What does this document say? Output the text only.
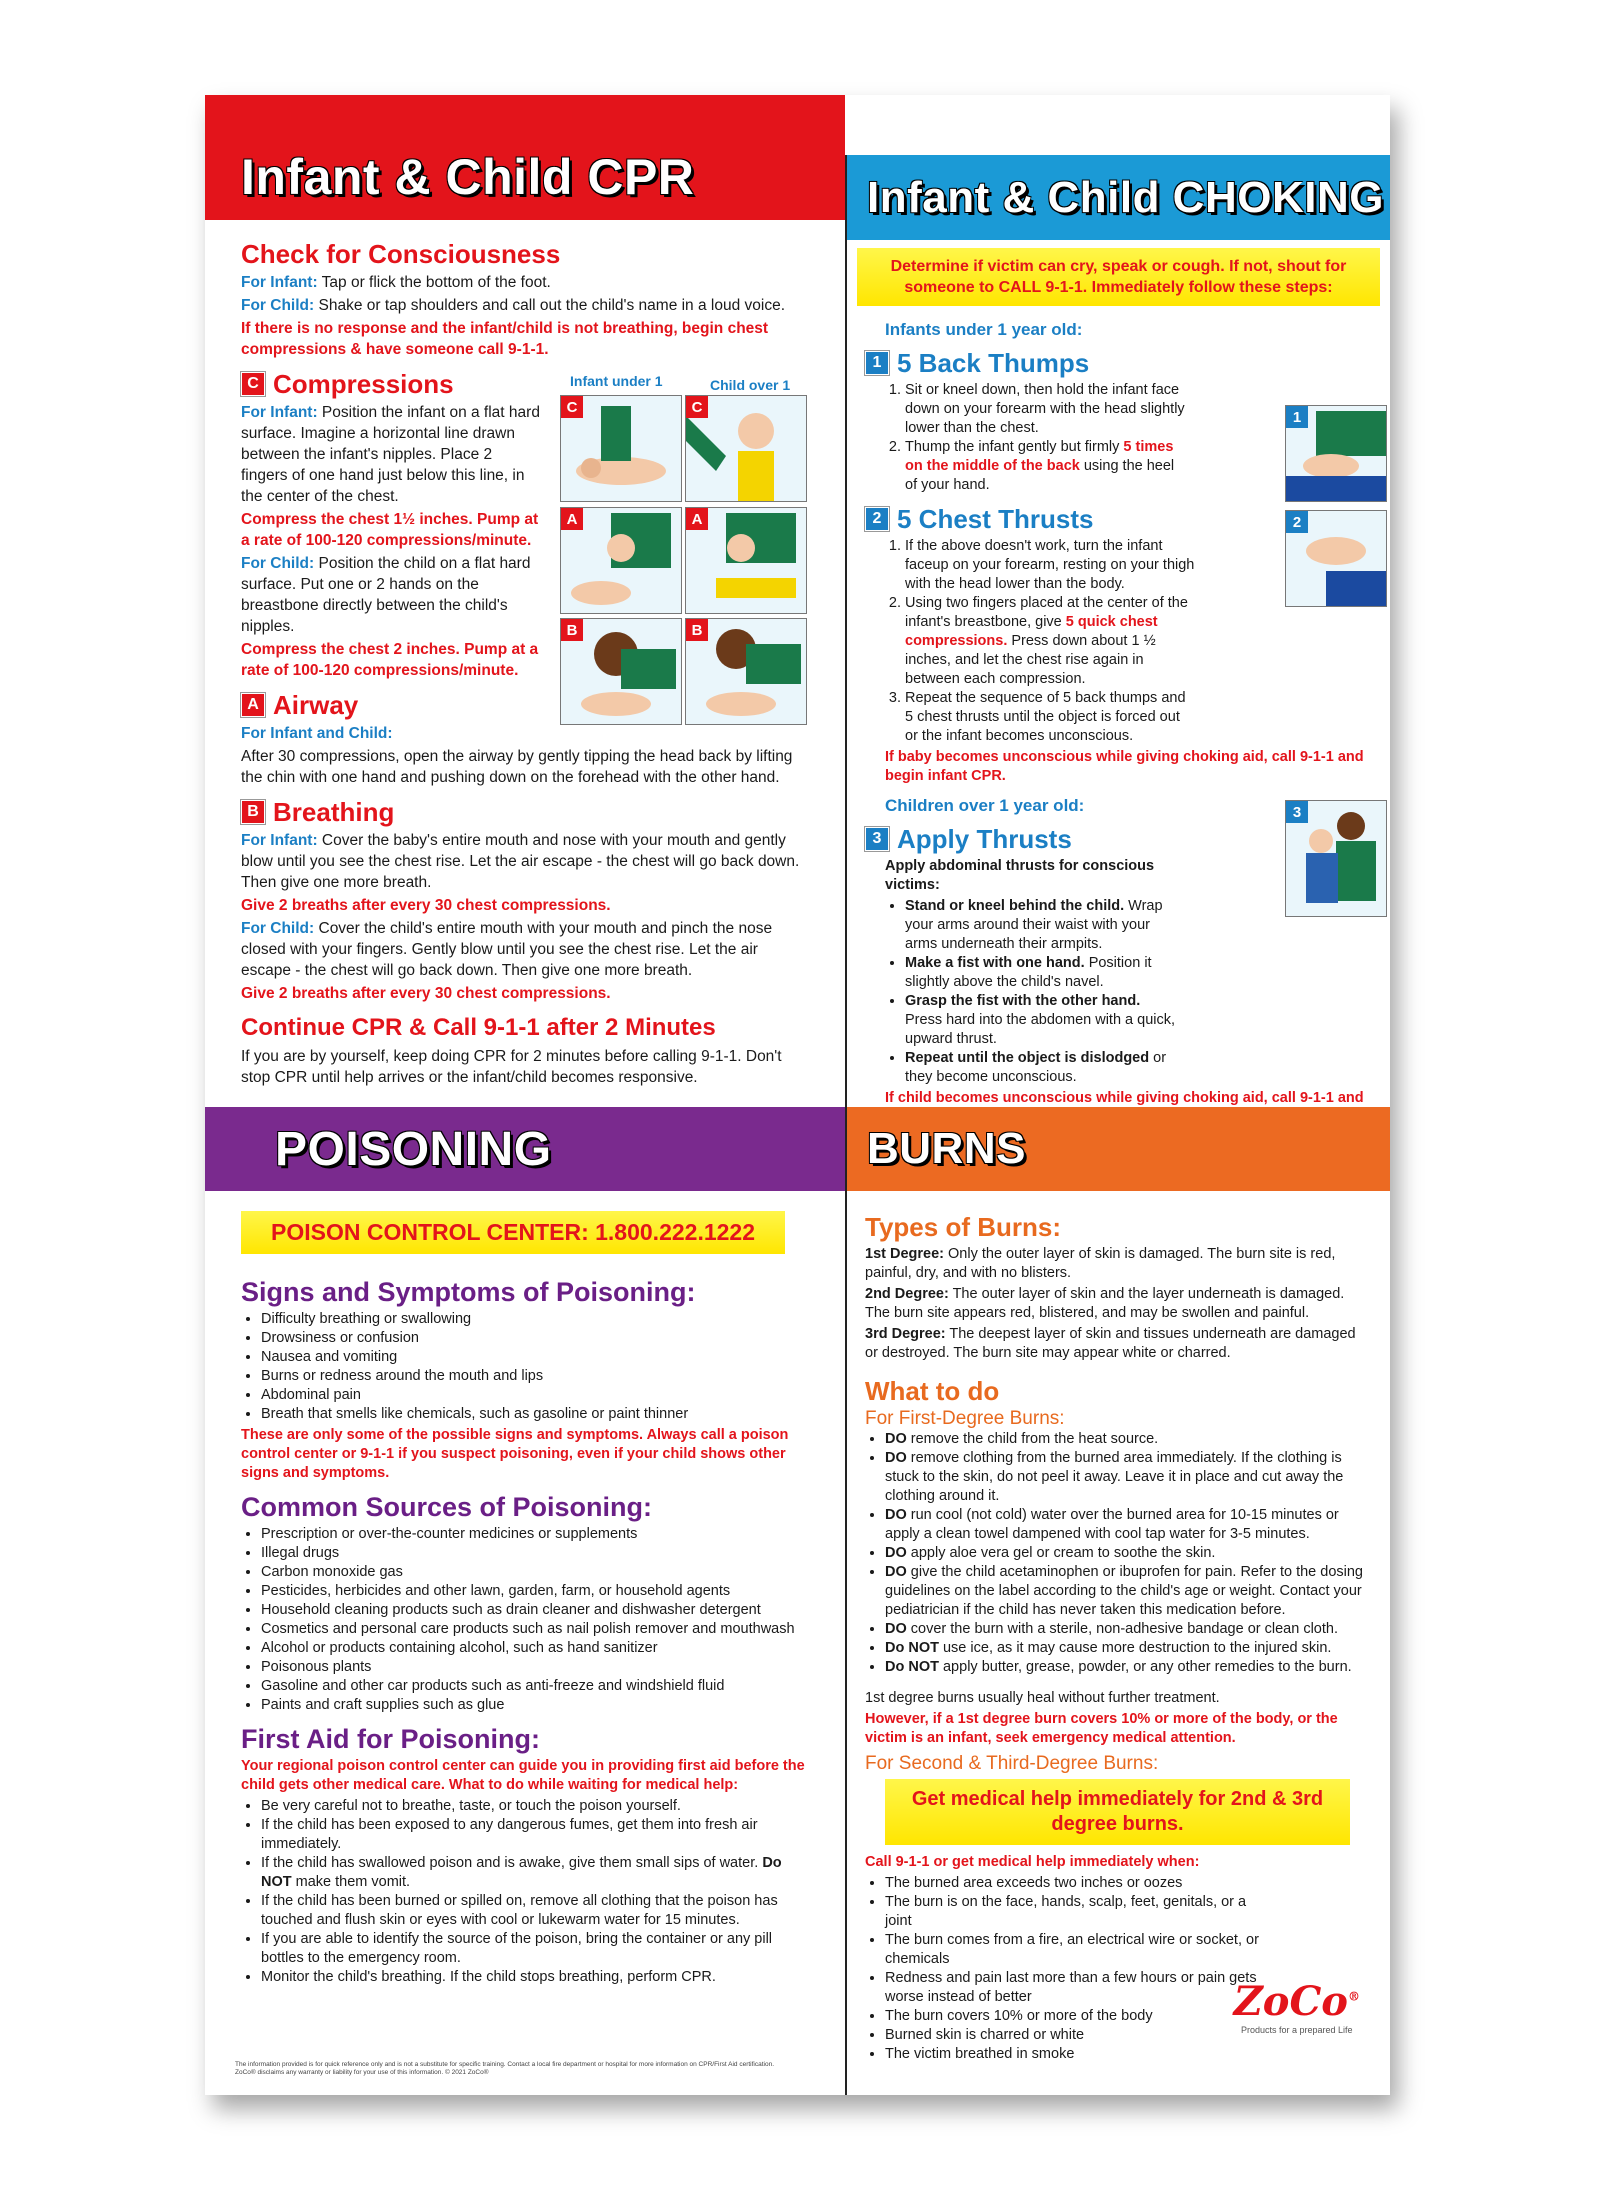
Infant & Child CPR
Check for Consciousness

For Infant: Tap or flick the bottom of the foot.

For Child: Shake or tap shoulders and call out the child's name in a loud voice.

If there is no response and the infant/child is not breathing, begin chest compressions & have someone call 9-1-1.

C Compressions

For Infant: Position the infant on a flat hard surface. Imagine a horizontal line drawn between the infant's nipples. Place 2 fingers of one hand just below this line, in the center of the chest.

Compress the chest 1½ inches. Pump at a rate of 100-120 compressions/minute.

For Child: Position the child on a flat hard surface. Put one or 2 hands on the breastbone directly between the child's nipples.

Compress the chest 2 inches. Pump at a rate of 100-120 compressions/minute.

A Airway

For Infant and Child:

After 30 compressions, open the airway by gently tipping the head back by lifting the chin with one hand and pushing down on the forehead with the other hand.

B Breathing

For Infant: Cover the baby's entire mouth and nose with your mouth and gently blow until you see the chest rise. Let the air escape - the chest will go back down. Then give one more breath.

Give 2 breaths after every 30 chest compressions.

For Child: Cover the child's entire mouth with your mouth and pinch the nose closed with your fingers. Gently blow until you see the chest rise. Let the air escape - the chest will go back down. Then give one more breath.

Give 2 breaths after every 30 chest compressions.

Continue CPR & Call 9-1-1 after 2 Minutes

If you are by yourself, keep doing CPR for 2 minutes before calling 9-1-1. Don't stop CPR until help arrives or the infant/child becomes responsive.

Infant under 1	Child over 1
C	C
A	A
B	B
Infant & Child CHOKING
Determine if victim can cry, speak or cough. If not, shout for someone to CALL 9-1-1. Immediately follow these steps:

Infants under 1 year old:

1 5 Back Thumps
1. Sit or kneel down, then hold the infant face down on your forearm with the head slightly lower than the chest.
2. Thump the infant gently but firmly 5 times on the middle of the back using the heel of your hand.
2 5 Chest Thrusts
1. If the above doesn't work, turn the infant faceup on your forearm, resting on your thigh with the head lower than the body.
2. Using two fingers placed at the center of the infant's breastbone, give 5 quick chest compressions. Press down about 1 ½ inches, and let the chest rise again in between each compression.
3. Repeat the sequence of 5 back thumps and 5 chest thrusts until the object is forced out or the infant becomes unconscious.

If baby becomes unconscious while giving choking aid, call 9-1-1 and begin infant CPR.

Children over 1 year old:

3 Apply Thrusts

Apply abdominal thrusts for conscious victims:

• Stand or kneel behind the child. Wrap your arms around their waist with your arms underneath their armpits.
• Make a fist with one hand. Position it slightly above the child's navel.
• Grasp the fist with the other hand. Press hard into the abdomen with a quick, upward thrust.
• Repeat until the object is dislodged or they become unconscious.

If child becomes unconscious while giving choking aid, call 9-1-1 and

1
2
3
POISONING
POISON CONTROL CENTER: 1.800.222.1222
Signs and Symptoms of Poisoning:
• Difficulty breathing or swallowing
• Drowsiness or confusion
• Nausea and vomiting
• Burns or redness around the mouth and lips
• Abdominal pain
• Breath that smells like chemicals, such as gasoline or paint thinner

These are only some of the possible signs and symptoms. Always call a poison control center or 9-1-1 if you suspect poisoning, even if your child shows other signs and symptoms.

Common Sources of Poisoning:
• Prescription or over-the-counter medicines or supplements
• Illegal drugs
• Carbon monoxide gas
• Pesticides, herbicides and other lawn, garden, farm, or household agents
• Household cleaning products such as drain cleaner and dishwasher detergent
• Cosmetics and personal care products such as nail polish remover and mouthwash
• Alcohol or products containing alcohol, such as hand sanitizer
• Poisonous plants
• Gasoline and other car products such as anti-freeze and windshield fluid
• Paints and craft supplies such as glue
First Aid for Poisoning:

Your regional poison control center can guide you in providing first aid before the child gets other medical care. What to do while waiting for medical help:

• Be very careful not to breathe, taste, or touch the poison yourself.
• If the child has been exposed to any dangerous fumes, get them into fresh air immediately.
• If the child has swallowed poison and is awake, give them small sips of water. Do NOT make them vomit.
• If the child has been burned or spilled on, remove all clothing that the poison has touched and flush skin or eyes with cool or lukewarm water for 15 minutes.
• If you are able to identify the source of the poison, bring the container or any pill bottles to the emergency room.
• Monitor the child's breathing. If the child stops breathing, perform CPR.
The information provided is for quick reference only and is not a substitute for specific training. Contact a local fire department or hospital for more information on CPR/First Aid certification. ZoCo® disclaims any warranty or liability for your use of this information. © 2021 ZoCo®
BURNS
Types of Burns:

1st Degree: Only the outer layer of skin is damaged. The burn site is red, painful, dry, and with no blisters.

2nd Degree: The outer layer of skin and the layer underneath is damaged. The burn site appears red, blistered, and may be swollen and painful.

3rd Degree: The deepest layer of skin and tissues underneath are damaged or destroyed. The burn site may appear white or charred.

What to do

For First-Degree Burns:

• DO remove the child from the heat source.
• DO remove clothing from the burned area immediately. If the clothing is stuck to the skin, do not peel it away. Leave it in place and cut away the clothing around it.
• DO run cool (not cold) water over the burned area for 10-15 minutes or apply a clean towel dampened with cool tap water for 3-5 minutes.
• DO apply aloe vera gel or cream to soothe the skin.
• DO give the child acetaminophen or ibuprofen for pain. Refer to the dosing guidelines on the label according to the child's age or weight. Contact your pediatrician if the child has never taken this medication before.
• DO cover the burn with a sterile, non-adhesive bandage or clean cloth.
• Do NOT use ice, as it may cause more destruction to the injured skin.
• Do NOT apply butter, grease, powder, or any other remedies to the burn.

1st degree burns usually heal without further treatment.

However, if a 1st degree burn covers 10% or more of the body, or the victim is an infant, seek emergency medical attention.

For Second & Third-Degree Burns:

Get medical help immediately for 2nd & 3rd degree burns.

Call 9-1-1 or get medical help immediately when:

• The burned area exceeds two inches or oozes
• The burn is on the face, hands, scalp, feet, genitals, or a joint
• The burn comes from a fire, an electrical wire or socket, or chemicals
• Redness and pain last more than a few hours or pain gets worse instead of better
• The burn covers 10% or more of the body
• Burned skin is charred or white
• The victim breathed in smoke
ZoCo®
Products for a prepared Life
